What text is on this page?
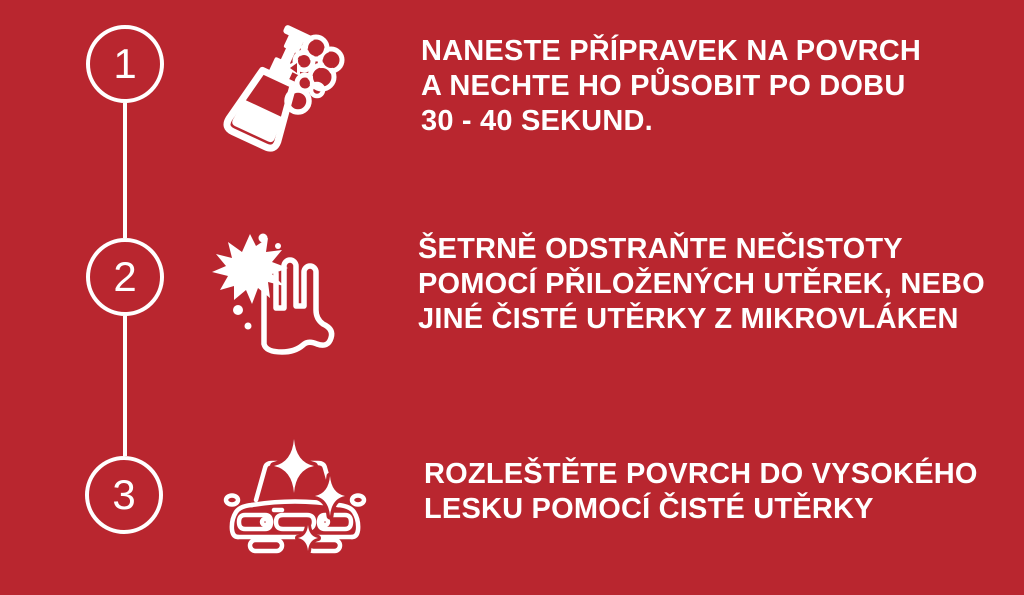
1
2
3
NANESTE PŘÍPRAVEK NA POVRCH
A NECHTE HO PŮSOBIT PO DOBU
30 - 40 SEKUND.
ŠETRNĚ ODSTRAŇTE NEČISTOTY
POMOCÍ PŘILOŽENÝCH UTĚREK, NEBO
JINÉ ČISTÉ UTĚRKY Z MIKROVLÁKEN
ROZLEŠTĚTE POVRCH DO VYSOKÉHO
LESKU POMOCÍ ČISTÉ UTĚRKY
